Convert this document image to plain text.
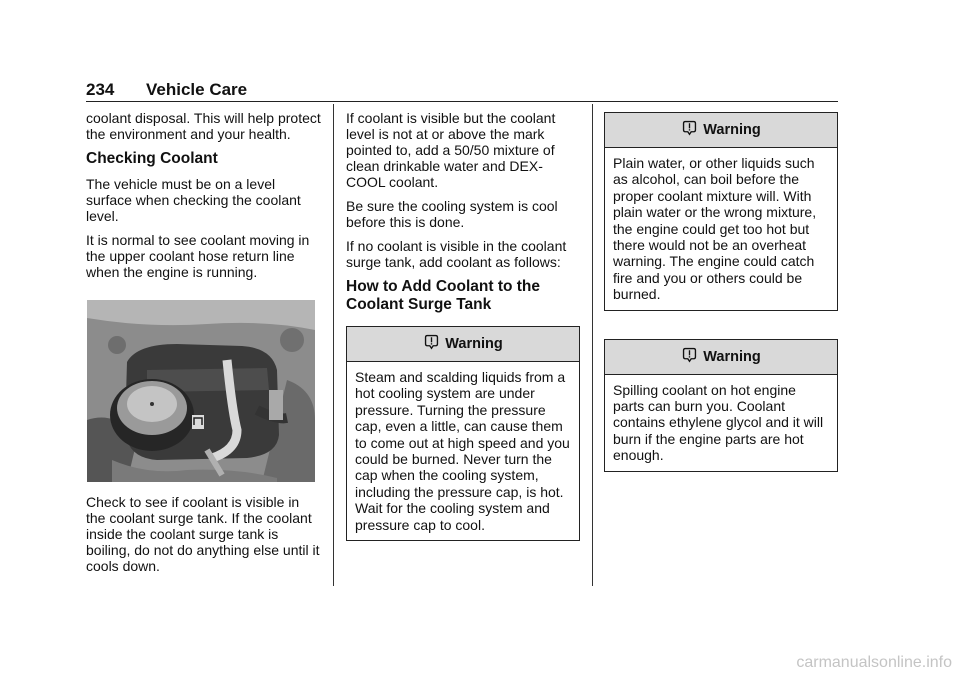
234 Vehicle Care

coolant disposal. This will help protect the environment and your health.

Checking Coolant

The vehicle must be on a level surface when checking the coolant level.

It is normal to see coolant moving in the upper coolant hose return line when the engine is running.

Check to see if coolant is visible in the coolant surge tank. If the coolant inside the coolant surge tank is boiling, do not do anything else until it cools down.

If coolant is visible but the coolant level is not at or above the mark pointed to, add a 50/50 mixture of clean drinkable water and DEX-COOL coolant.

Be sure the cooling system is cool before this is done.

If no coolant is visible in the coolant surge tank, add coolant as follows:

How to Add Coolant to the Coolant Surge Tank
Warning
Steam and scalding liquids from a hot cooling system are under pressure. Turning the pressure cap, even a little, can cause them to come out at high speed and you could be burned. Never turn the cap when the cooling system, including the pressure cap, is hot. Wait for the cooling system and pressure cap to cool.
Warning
Plain water, or other liquids such as alcohol, can boil before the proper coolant mixture will. With plain water or the wrong mixture, the engine could get too hot but there would not be an overheat warning. The engine could catch fire and you or others could be burned.
Warning
Spilling coolant on hot engine parts can burn you. Coolant contains ethylene glycol and it will burn if the engine parts are hot enough.
carmanualsonline.info
